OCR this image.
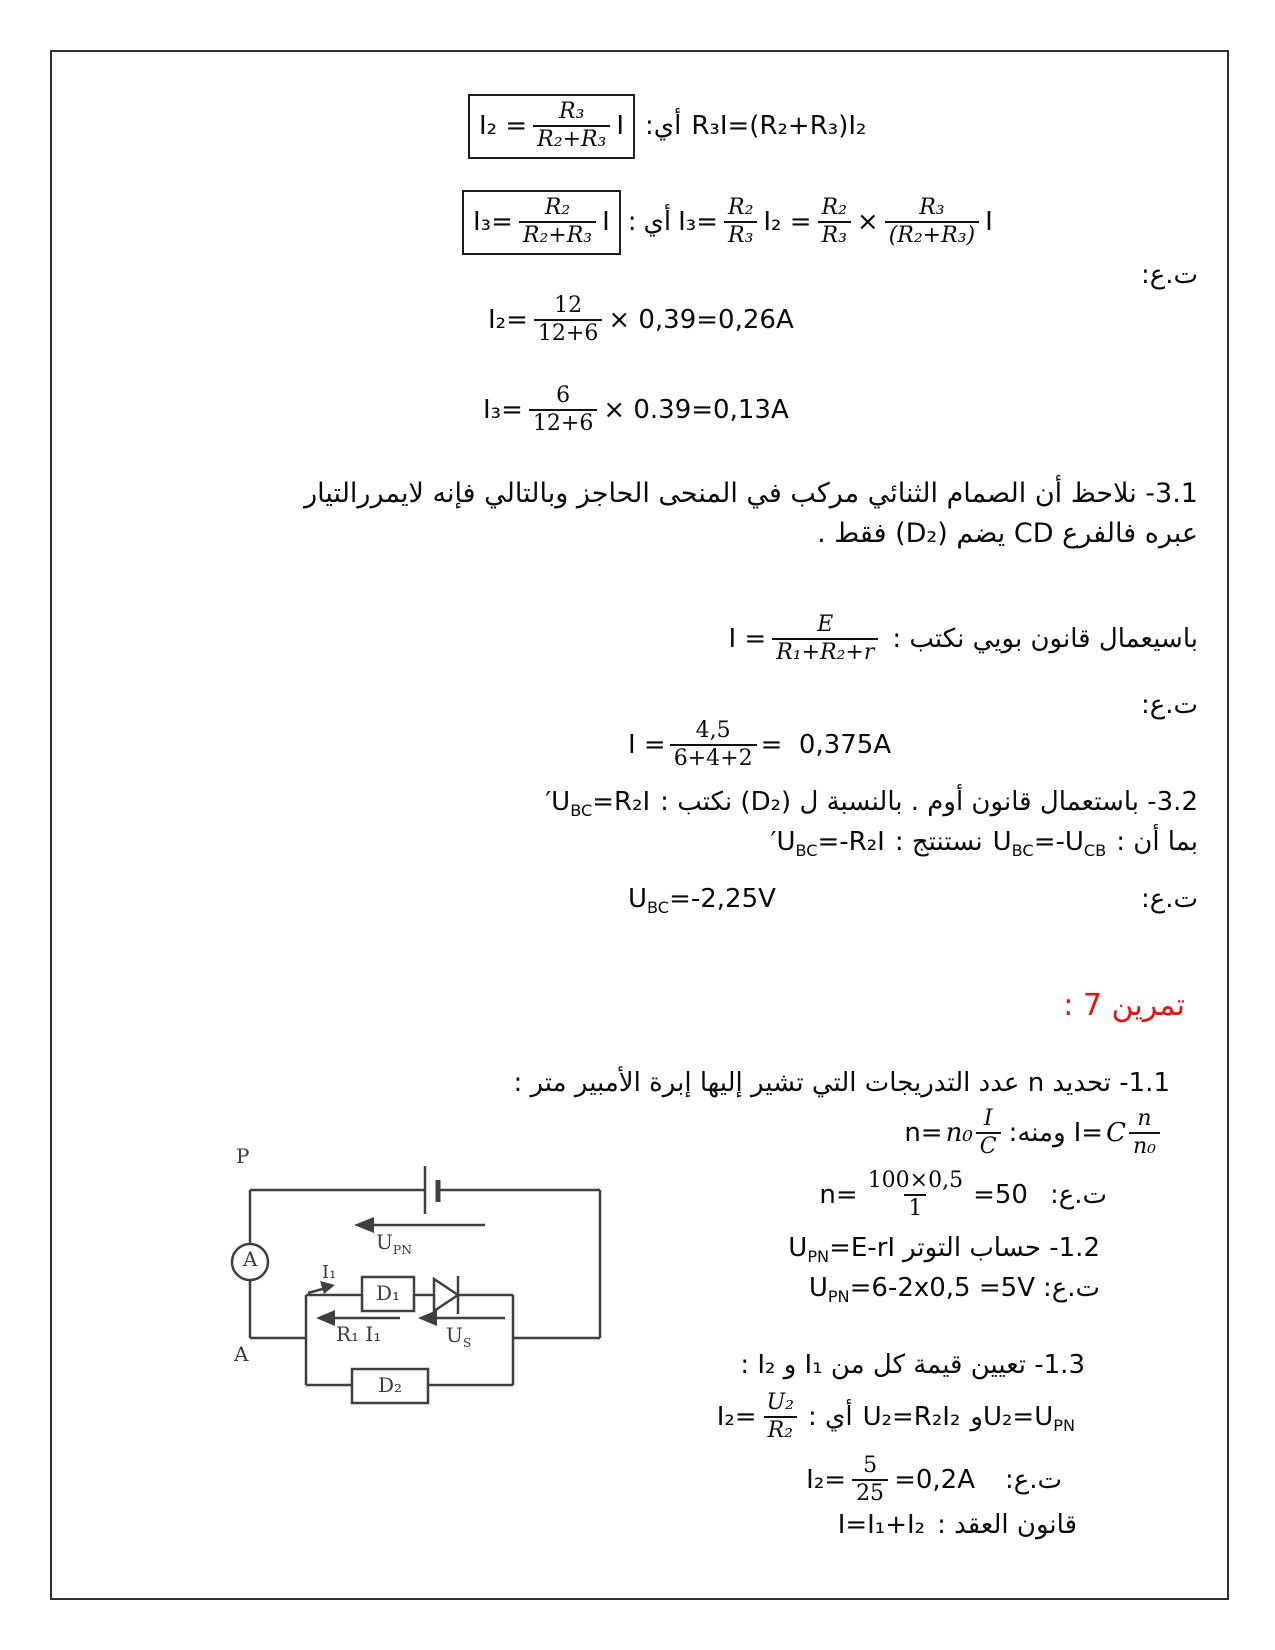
R₃I=(R₂+R₃)I₂
أي:
$I_2 = \frac{\text{R₃}}{\text{R₂+R₃}}$ I
$I_3= \frac{\text{R₂}}{\text{R₃}} I_2 = \frac{\text{R₂}}{\text{R₃}} \times \frac{\text{R₃}}{\text{(R₂+R₃)}}$ I
أي
:
$I_3= \frac{\text{R₂}}{\text{R₂+R₃}}$ I
ت.ع:
$I_2= \frac{12}{12+6} \times 0,39=0,26A$
$I_3= \frac{6}{12+6} \times 0.39=0,13A$
3.1- نلاحظ أن الصمام الثنائي مركب في المنحى الحاجز وبالتالي فإنه لايمررالتيار
عبره فالفرع CD يضم (D₂) فقط .
باسيعمال قانون بويي نكتب :
$I = \frac{E}{\text{R₁+R₂+r}}$
ت.ع:
$I = \frac{4,5}{6+4+2} = 0,375A$
3.2- باستعمال قانون أوم . بالنسبة ل (D₂) نكتب :
$U_{BC}=R_2I'$
بما أن :
$U_{BC}=-U_{CB}$
نستنتج :
$U_{BC}=-R_2I'$
ت.ع:
$U_{BC}=-2,25V$
تمرين 7 :
1.1- تحديد n عدد التدريجات التي تشير إليها إبرة الأمبير متر :
I= C $\frac{n}{\text{n₀}}$
ومنه:
$n= n_0 \frac{I}{C}$
ت.ع:
$n= \frac{100\times 0,5}{1} =50$
1.2- حساب التوتر
$U_{PN}=E-rI$
ت.ع:
$U_{PN}=6-2x0,5 =5V$
1.3- تعيين قيمة كل من I₁ و I₂ :
$U_2=U_{PN}و$
U₂=R₂I₂
أي :
$I_2= \frac{\text{U₂}}{\text{R₂}}$
ت.ع:
$I_2= \frac{5}{25} =0,2A$
قانون العقد :
I=I₁+I₂
P
A
A
$U_{PN}$
I₁
D₁
R₁ I₁	$U_S$
D₂
